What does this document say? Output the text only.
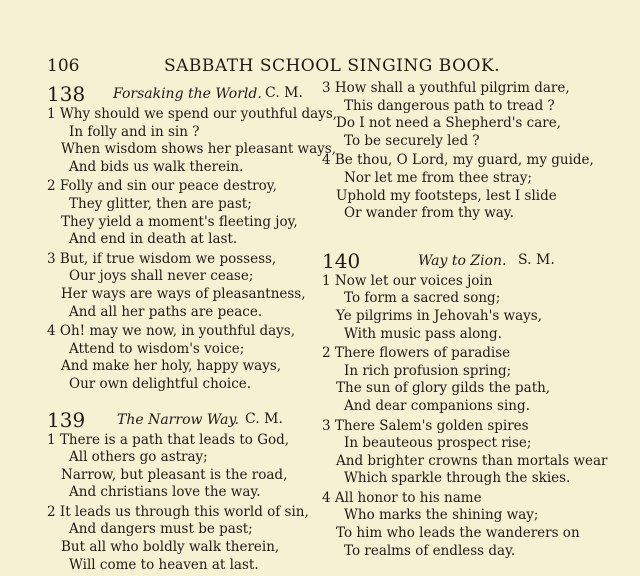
106	SABBATH SCHOOL SINGING BOOK.
138 Forsaking the World. C. M.
1 Why should we spend our youthful days,
In folly and in sin ?
When wisdom shows her pleasant ways,
And bids us walk therein.
2 Folly and sin our peace destroy,
They glitter, then are past;
They yield a moment's fleeting joy,
And end in death at last.
3 But, if true wisdom we possess,
Our joys shall never cease;
Her ways are ways of pleasantness,
And all her paths are peace.
4 Oh! may we now, in youthful days,
Attend to wisdom's voice;
And make her holy, happy ways,
Our own delightful choice.
139 The Narrow Way. C. M.
1 There is a path that leads to God,
All others go astray;
Narrow, but pleasant is the road,
And christians love the way.
2 It leads us through this world of sin,
And dangers must be past;
But all who boldly walk therein,
Will come to heaven at last.
3 How shall a youthful pilgrim dare,
This dangerous path to tread ?
Do I not need a Shepherd's care,
To be securely led ?
4 Be thou, O Lord, my guard, my guide,
Nor let me from thee stray;
Uphold my footsteps, lest I slide
Or wander from thy way.
140	Way to Zion. S. M.
1 Now let our voices join
To form a sacred song;
Ye pilgrims in Jehovah's ways,
With music pass along.
2 There flowers of paradise
In rich profusion spring;
The sun of glory gilds the path,
And dear companions sing.
3 There Salem's golden spires
In beauteous prospect rise;
And brighter crowns than mortals wear
Which sparkle through the skies.
4 All honor to his name
Who marks the shining way;
To him who leads the wanderers on
To realms of endless day.
